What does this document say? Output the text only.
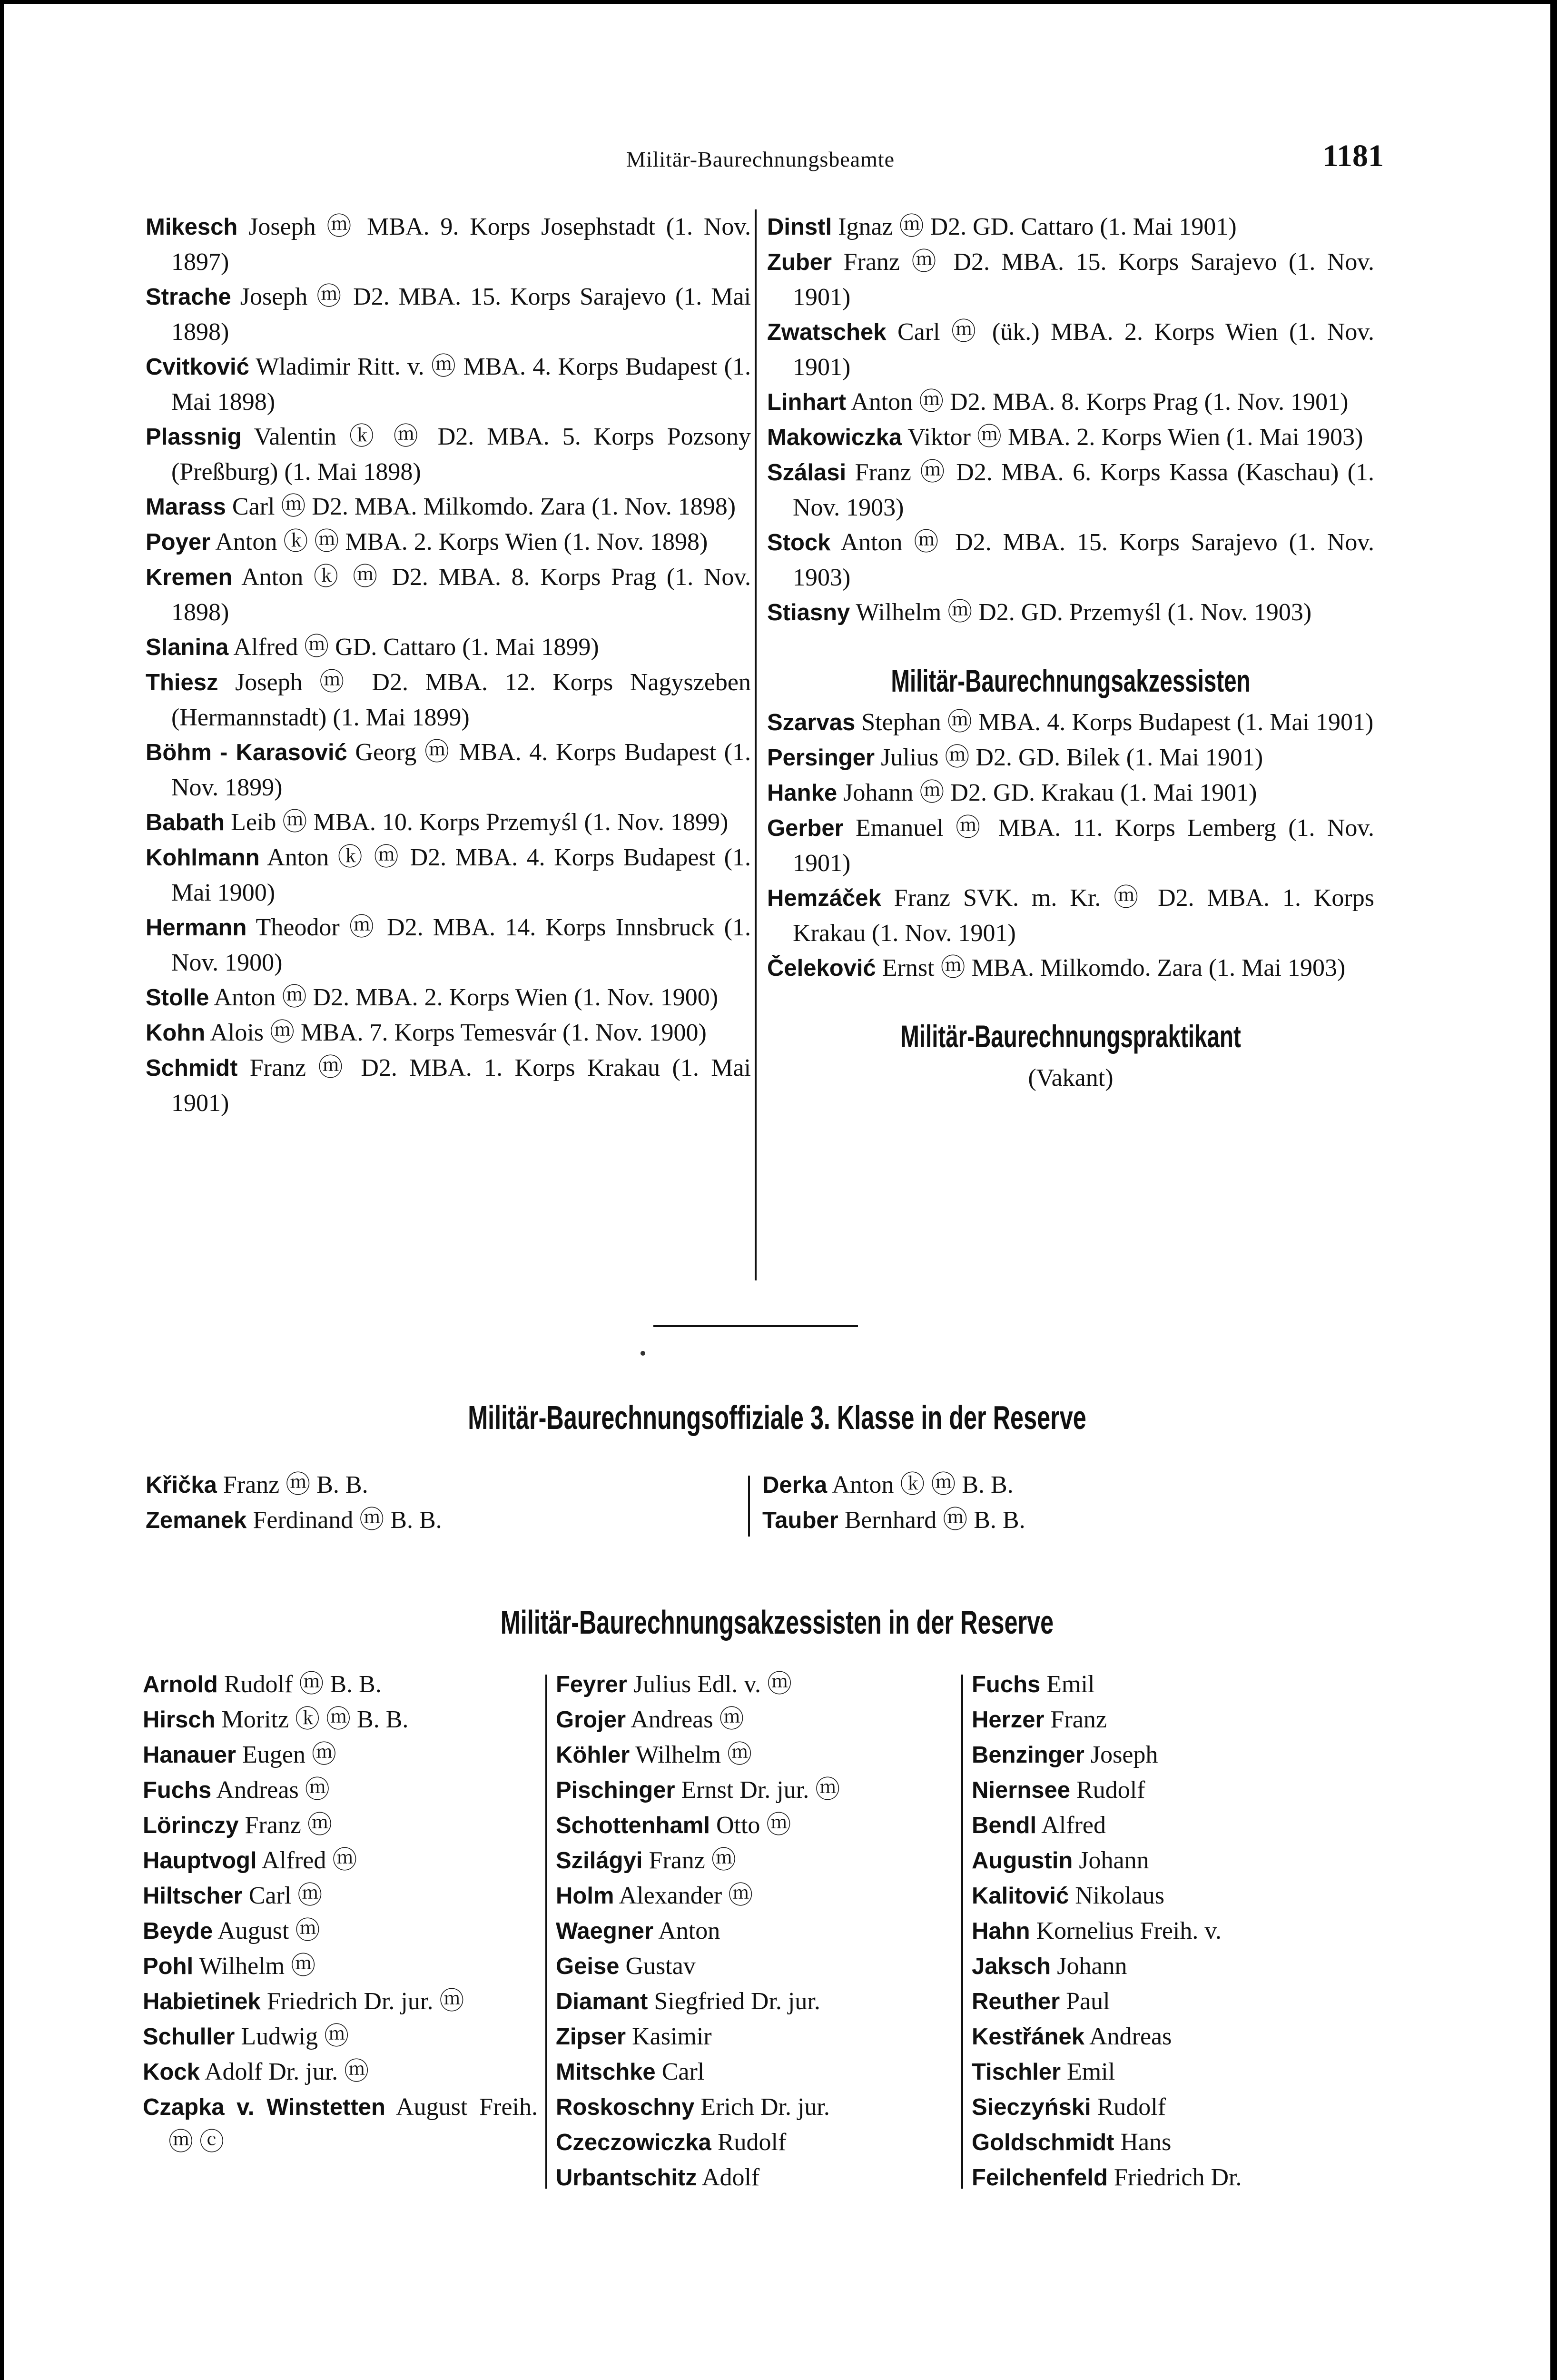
Militär-Baurechnungsbeamte	1181
Mikesch Joseph ⓜ MBA. 9. Korps Josephstadt (1. Nov. 1897)
Strache Joseph ⓜ D2. MBA. 15. Korps Sarajevo (1. Mai 1898)
Cvitković Wladimir Ritt. v. ⓜ MBA. 4. Korps Budapest (1. Mai 1898)
Plassnig Valentin ⓚ ⓜ D2. MBA. 5. Korps Pozsony (Preßburg) (1. Mai 1898)
Marass Carl ⓜ D2. MBA. Milkomdo. Zara (1. Nov. 1898)
Poyer Anton ⓚ ⓜ MBA. 2. Korps Wien (1. Nov. 1898)
Kremen Anton ⓚ ⓜ D2. MBA. 8. Korps Prag (1. Nov. 1898)
Slanina Alfred ⓜ GD. Cattaro (1. Mai 1899)
Thiesz Joseph ⓜ D2. MBA. 12. Korps Nagyszeben (Hermannstadt) (1. Mai 1899)
Böhm - Karasović Georg ⓜ MBA. 4. Korps Budapest (1. Nov. 1899)
Babath Leib ⓜ MBA. 10. Korps Przemyśl (1. Nov. 1899)
Kohlmann Anton ⓚ ⓜ D2. MBA. 4. Korps Budapest (1. Mai 1900)
Hermann Theodor ⓜ D2. MBA. 14. Korps Innsbruck (1. Nov. 1900)
Stolle Anton ⓜ D2. MBA. 2. Korps Wien (1. Nov. 1900)
Kohn Alois ⓜ MBA. 7. Korps Temesvár (1. Nov. 1900)
Schmidt Franz ⓜ D2. MBA. 1. Korps Krakau (1. Mai 1901)
Dinstl Ignaz ⓜ D2. GD. Cattaro (1. Mai 1901)
Zuber Franz ⓜ D2. MBA. 15. Korps Sarajevo (1. Nov. 1901)
Zwatschek Carl ⓜ (ük.) MBA. 2. Korps Wien (1. Nov. 1901)
Linhart Anton ⓜ D2. MBA. 8. Korps Prag (1. Nov. 1901)
Makowiczka Viktor ⓜ MBA. 2. Korps Wien (1. Mai 1903)
Szálasi Franz ⓜ D2. MBA. 6. Korps Kassa (Kaschau) (1. Nov. 1903)
Stock Anton ⓜ D2. MBA. 15. Korps Sarajevo (1. Nov. 1903)
Stiasny Wilhelm ⓜ D2. GD. Przemyśl (1. Nov. 1903)
Militär-Baurechnungsakzessisten
Szarvas Stephan ⓜ MBA. 4. Korps Budapest (1. Mai 1901)
Persinger Julius ⓜ D2. GD. Bilek (1. Mai 1901)
Hanke Johann ⓜ D2. GD. Krakau (1. Mai 1901)
Gerber Emanuel ⓜ MBA. 11. Korps Lemberg (1. Nov. 1901)
Hemzáček Franz SVK. m. Kr. ⓜ D2. MBA. 1. Korps Krakau (1. Nov. 1901)
Čeleković Ernst ⓜ MBA. Milkomdo. Zara (1. Mai 1903)
Militär-Baurechnungspraktikant
(Vakant)
Militär-Baurechnungsoffiziale 3. Klasse in der Reserve
Křička Franz ⓜ B. B.
Zemanek Ferdinand ⓜ B. B.
Derka Anton ⓚ ⓜ B. B.
Tauber Bernhard ⓜ B. B.
Militär-Baurechnungsakzessisten in der Reserve
Arnold Rudolf ⓜ B. B.
Hirsch Moritz ⓚ ⓜ B. B.
Hanauer Eugen ⓜ
Fuchs Andreas ⓜ
Lörinczy Franz ⓜ
Hauptvogl Alfred ⓜ
Hiltscher Carl ⓜ
Beyde August ⓜ
Pohl Wilhelm ⓜ
Habietinek Friedrich Dr. jur. ⓜ
Schuller Ludwig ⓜ
Kock Adolf Dr. jur. ⓜ
Czapka v. Winstetten August Freih. ⓜ ⓒ
Feyrer Julius Edl. v. ⓜ
Grojer Andreas ⓜ
Köhler Wilhelm ⓜ
Pischinger Ernst Dr. jur. ⓜ
Schottenhaml Otto ⓜ
Szilágyi Franz ⓜ
Holm Alexander ⓜ
Waegner Anton
Geise Gustav
Diamant Siegfried Dr. jur.
Zipser Kasimir
Mitschke Carl
Roskoschny Erich Dr. jur.
Czeczowiczka Rudolf
Urbantschitz Adolf
Fuchs Emil
Herzer Franz
Benzinger Joseph
Niernsee Rudolf
Bendl Alfred
Augustin Johann
Kalitović Nikolaus
Hahn Kornelius Freih. v.
Jaksch Johann
Reuther Paul
Kestřánek Andreas
Tischler Emil
Sieczyński Rudolf
Goldschmidt Hans
Feilchenfeld Friedrich Dr.
